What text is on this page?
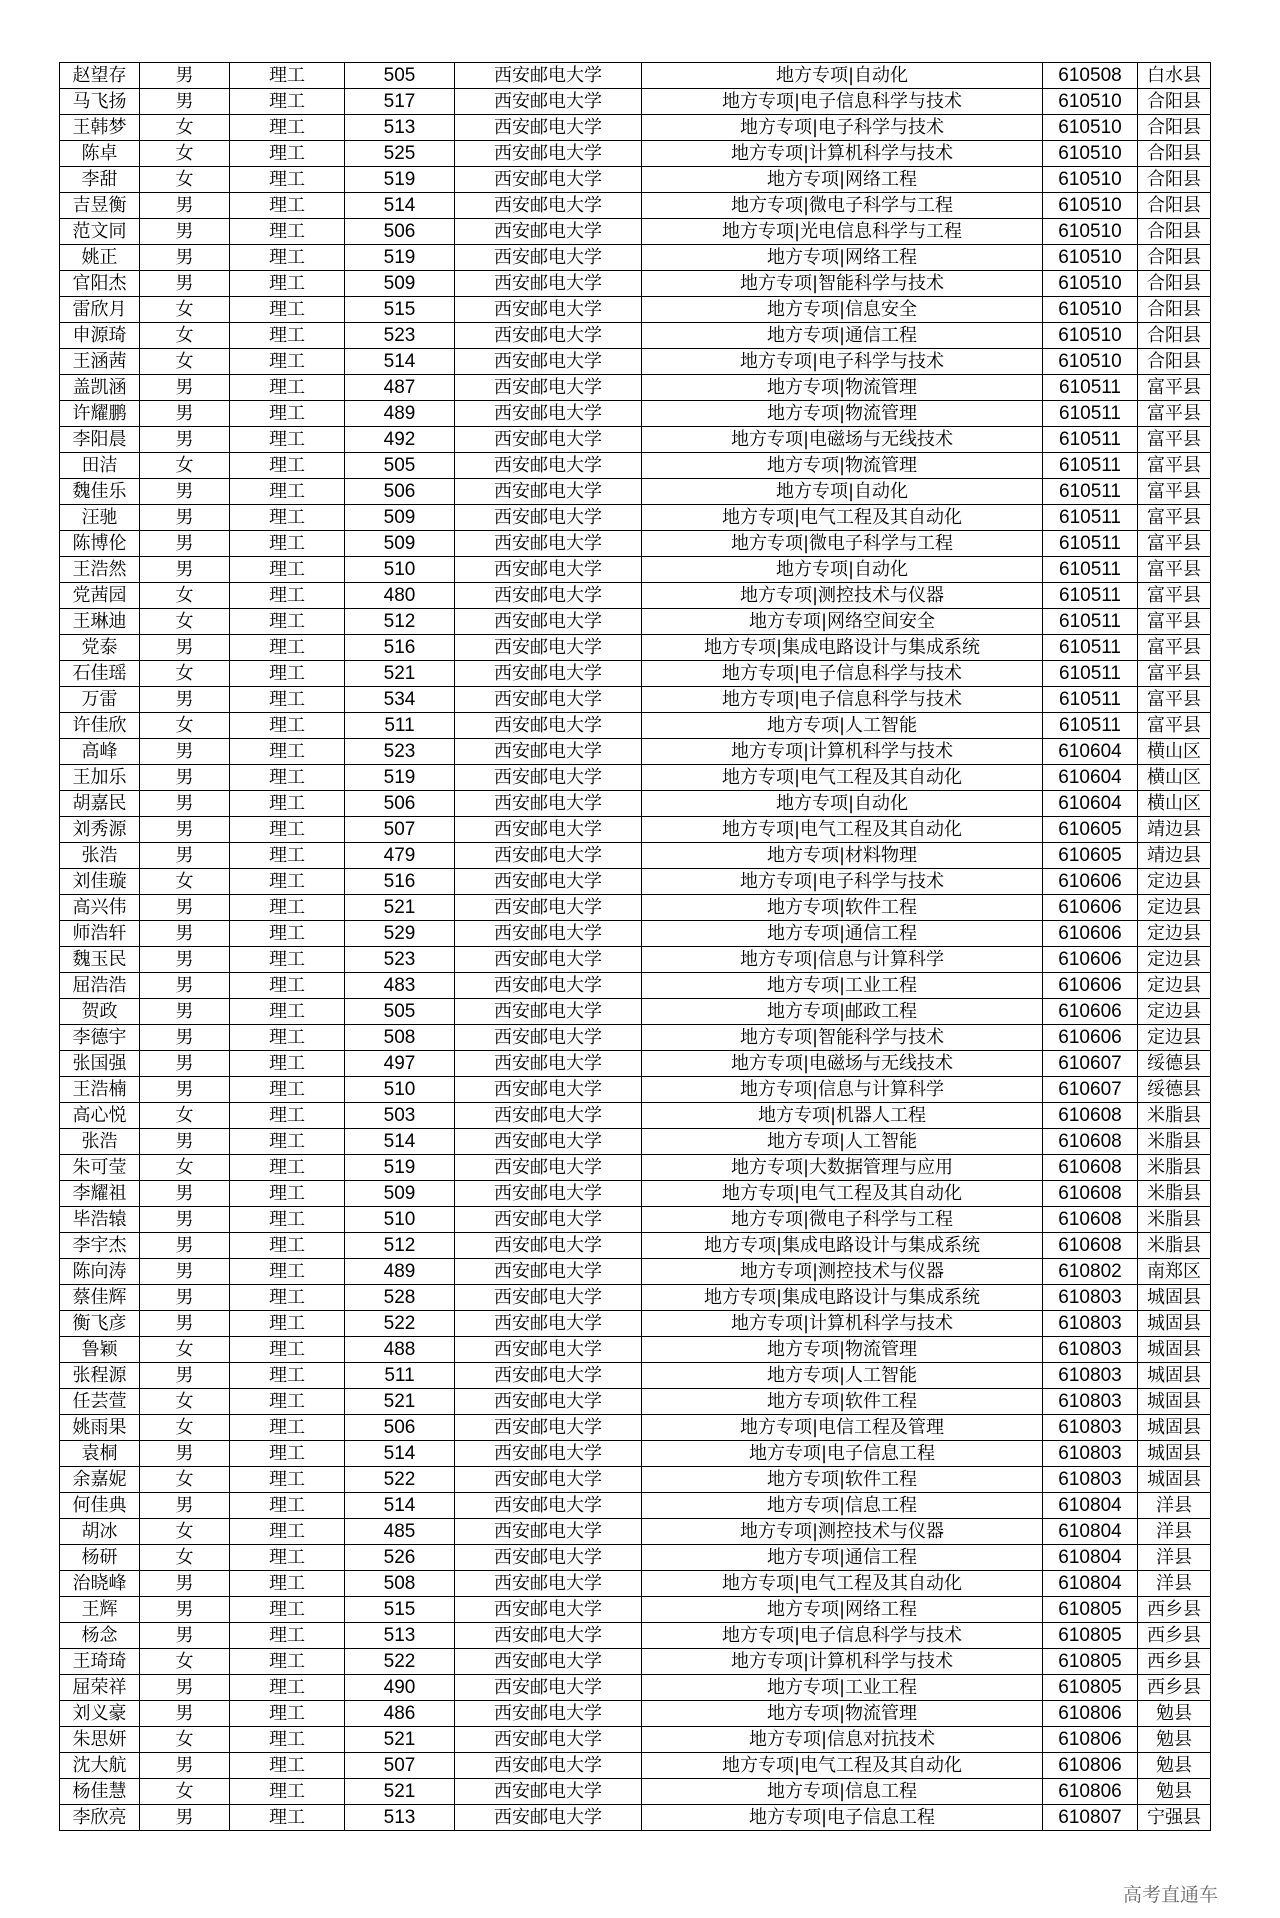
赵望存	男	理工	505	西安邮电大学	地方专项|自动化	610508	白水县
马飞扬	男	理工	517	西安邮电大学	地方专项|电子信息科学与技术	610510	合阳县
王韩梦	女	理工	513	西安邮电大学	地方专项|电子科学与技术	610510	合阳县
陈卓	女	理工	525	西安邮电大学	地方专项|计算机科学与技术	610510	合阳县
李甜	女	理工	519	西安邮电大学	地方专项|网络工程	610510	合阳县
吉昱衡	男	理工	514	西安邮电大学	地方专项|微电子科学与工程	610510	合阳县
范文同	男	理工	506	西安邮电大学	地方专项|光电信息科学与工程	610510	合阳县
姚正	男	理工	519	西安邮电大学	地方专项|网络工程	610510	合阳县
官阳杰	男	理工	509	西安邮电大学	地方专项|智能科学与技术	610510	合阳县
雷欣月	女	理工	515	西安邮电大学	地方专项|信息安全	610510	合阳县
申源琦	女	理工	523	西安邮电大学	地方专项|通信工程	610510	合阳县
王涵茜	女	理工	514	西安邮电大学	地方专项|电子科学与技术	610510	合阳县
盖凯涵	男	理工	487	西安邮电大学	地方专项|物流管理	610511	富平县
许耀鹏	男	理工	489	西安邮电大学	地方专项|物流管理	610511	富平县
李阳晨	男	理工	492	西安邮电大学	地方专项|电磁场与无线技术	610511	富平县
田洁	女	理工	505	西安邮电大学	地方专项|物流管理	610511	富平县
魏佳乐	男	理工	506	西安邮电大学	地方专项|自动化	610511	富平县
汪驰	男	理工	509	西安邮电大学	地方专项|电气工程及其自动化	610511	富平县
陈博伦	男	理工	509	西安邮电大学	地方专项|微电子科学与工程	610511	富平县
王浩然	男	理工	510	西安邮电大学	地方专项|自动化	610511	富平县
党茜园	女	理工	480	西安邮电大学	地方专项|测控技术与仪器	610511	富平县
王琳迪	女	理工	512	西安邮电大学	地方专项|网络空间安全	610511	富平县
党泰	男	理工	516	西安邮电大学	地方专项|集成电路设计与集成系统	610511	富平县
石佳瑶	女	理工	521	西安邮电大学	地方专项|电子信息科学与技术	610511	富平县
万雷	男	理工	534	西安邮电大学	地方专项|电子信息科学与技术	610511	富平县
许佳欣	女	理工	511	西安邮电大学	地方专项|人工智能	610511	富平县
高峰	男	理工	523	西安邮电大学	地方专项|计算机科学与技术	610604	横山区
王加乐	男	理工	519	西安邮电大学	地方专项|电气工程及其自动化	610604	横山区
胡嘉民	男	理工	506	西安邮电大学	地方专项|自动化	610604	横山区
刘秀源	男	理工	507	西安邮电大学	地方专项|电气工程及其自动化	610605	靖边县
张浩	男	理工	479	西安邮电大学	地方专项|材料物理	610605	靖边县
刘佳璇	女	理工	516	西安邮电大学	地方专项|电子科学与技术	610606	定边县
高兴伟	男	理工	521	西安邮电大学	地方专项|软件工程	610606	定边县
师浩轩	男	理工	529	西安邮电大学	地方专项|通信工程	610606	定边县
魏玉民	男	理工	523	西安邮电大学	地方专项|信息与计算科学	610606	定边县
屈浩浩	男	理工	483	西安邮电大学	地方专项|工业工程	610606	定边县
贺政	男	理工	505	西安邮电大学	地方专项|邮政工程	610606	定边县
李德宇	男	理工	508	西安邮电大学	地方专项|智能科学与技术	610606	定边县
张国强	男	理工	497	西安邮电大学	地方专项|电磁场与无线技术	610607	绥德县
王浩楠	男	理工	510	西安邮电大学	地方专项|信息与计算科学	610607	绥德县
高心悦	女	理工	503	西安邮电大学	地方专项|机器人工程	610608	米脂县
张浩	男	理工	514	西安邮电大学	地方专项|人工智能	610608	米脂县
朱可莹	女	理工	519	西安邮电大学	地方专项|大数据管理与应用	610608	米脂县
李耀祖	男	理工	509	西安邮电大学	地方专项|电气工程及其自动化	610608	米脂县
毕浩辕	男	理工	510	西安邮电大学	地方专项|微电子科学与工程	610608	米脂县
李宇杰	男	理工	512	西安邮电大学	地方专项|集成电路设计与集成系统	610608	米脂县
陈向涛	男	理工	489	西安邮电大学	地方专项|测控技术与仪器	610802	南郑区
蔡佳辉	男	理工	528	西安邮电大学	地方专项|集成电路设计与集成系统	610803	城固县
衡飞彦	男	理工	522	西安邮电大学	地方专项|计算机科学与技术	610803	城固县
鲁颖	女	理工	488	西安邮电大学	地方专项|物流管理	610803	城固县
张程源	男	理工	511	西安邮电大学	地方专项|人工智能	610803	城固县
任芸萱	女	理工	521	西安邮电大学	地方专项|软件工程	610803	城固县
姚雨果	女	理工	506	西安邮电大学	地方专项|电信工程及管理	610803	城固县
袁桐	男	理工	514	西安邮电大学	地方专项|电子信息工程	610803	城固县
余嘉妮	女	理工	522	西安邮电大学	地方专项|软件工程	610803	城固县
何佳典	男	理工	514	西安邮电大学	地方专项|信息工程	610804	洋县
胡冰	女	理工	485	西安邮电大学	地方专项|测控技术与仪器	610804	洋县
杨研	女	理工	526	西安邮电大学	地方专项|通信工程	610804	洋县
治晓峰	男	理工	508	西安邮电大学	地方专项|电气工程及其自动化	610804	洋县
王辉	男	理工	515	西安邮电大学	地方专项|网络工程	610805	西乡县
杨念	男	理工	513	西安邮电大学	地方专项|电子信息科学与技术	610805	西乡县
王琦琦	女	理工	522	西安邮电大学	地方专项|计算机科学与技术	610805	西乡县
屈荣祥	男	理工	490	西安邮电大学	地方专项|工业工程	610805	西乡县
刘义豪	男	理工	486	西安邮电大学	地方专项|物流管理	610806	勉县
朱思妍	女	理工	521	西安邮电大学	地方专项|信息对抗技术	610806	勉县
沈大航	男	理工	507	西安邮电大学	地方专项|电气工程及其自动化	610806	勉县
杨佳慧	女	理工	521	西安邮电大学	地方专项|信息工程	610806	勉县
李欣亮	男	理工	513	西安邮电大学	地方专项|电子信息工程	610807	宁强县
高考直通车
